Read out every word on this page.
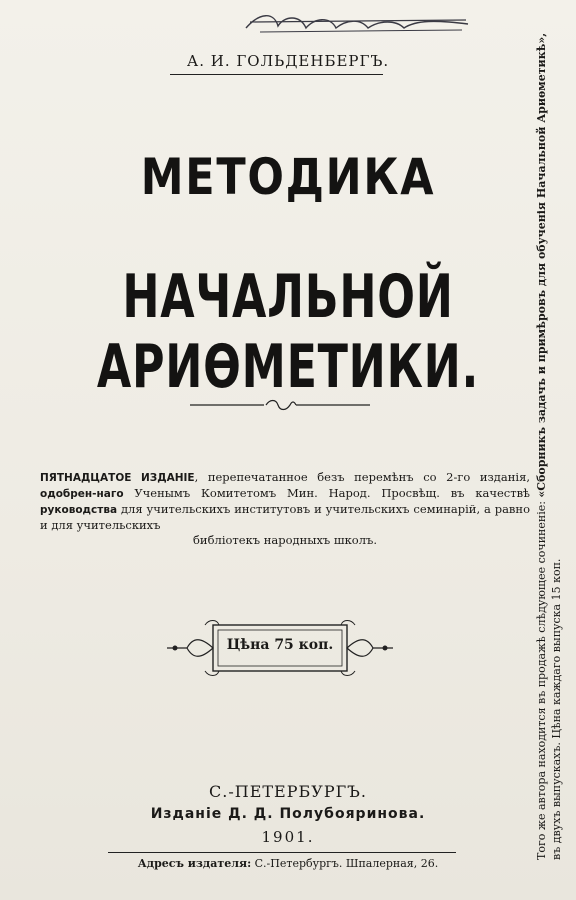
А. И. ГОЛЬДЕНБЕРГЪ.
МЕТОДИКА
НАЧАЛЬНОЙ АРИѲМЕТИКИ.
ПЯТНАДЦАТОЕ ИЗДАНІЕ, перепечатанное безъ перемѣнъ со 2-го изданія, одобрен-наго Ученымъ Комитетомъ Мин. Народ. Просвѣщ. въ качествѣ руководства для учительскихъ институтовъ и учительскихъ семинарій, а равно и для учительскихъ
библіотекъ народныхъ школъ.
Цѣна 75 коп.
С.-ПЕТЕРБУРГЪ.
Изданіе Д. Д. Полубояринова.
1901.
Адресъ издателя: С.-Петербургъ. Шпалерная, 26.
Того же автора находится въ продажѣ слѣдующее сочиненіе: «Сборникъ задачъ и примѣровъ для обученія Начальной Ариѳметикѣ»,
въ двухъ выпускахъ. Цѣна каждаго выпуска 15 коп.
